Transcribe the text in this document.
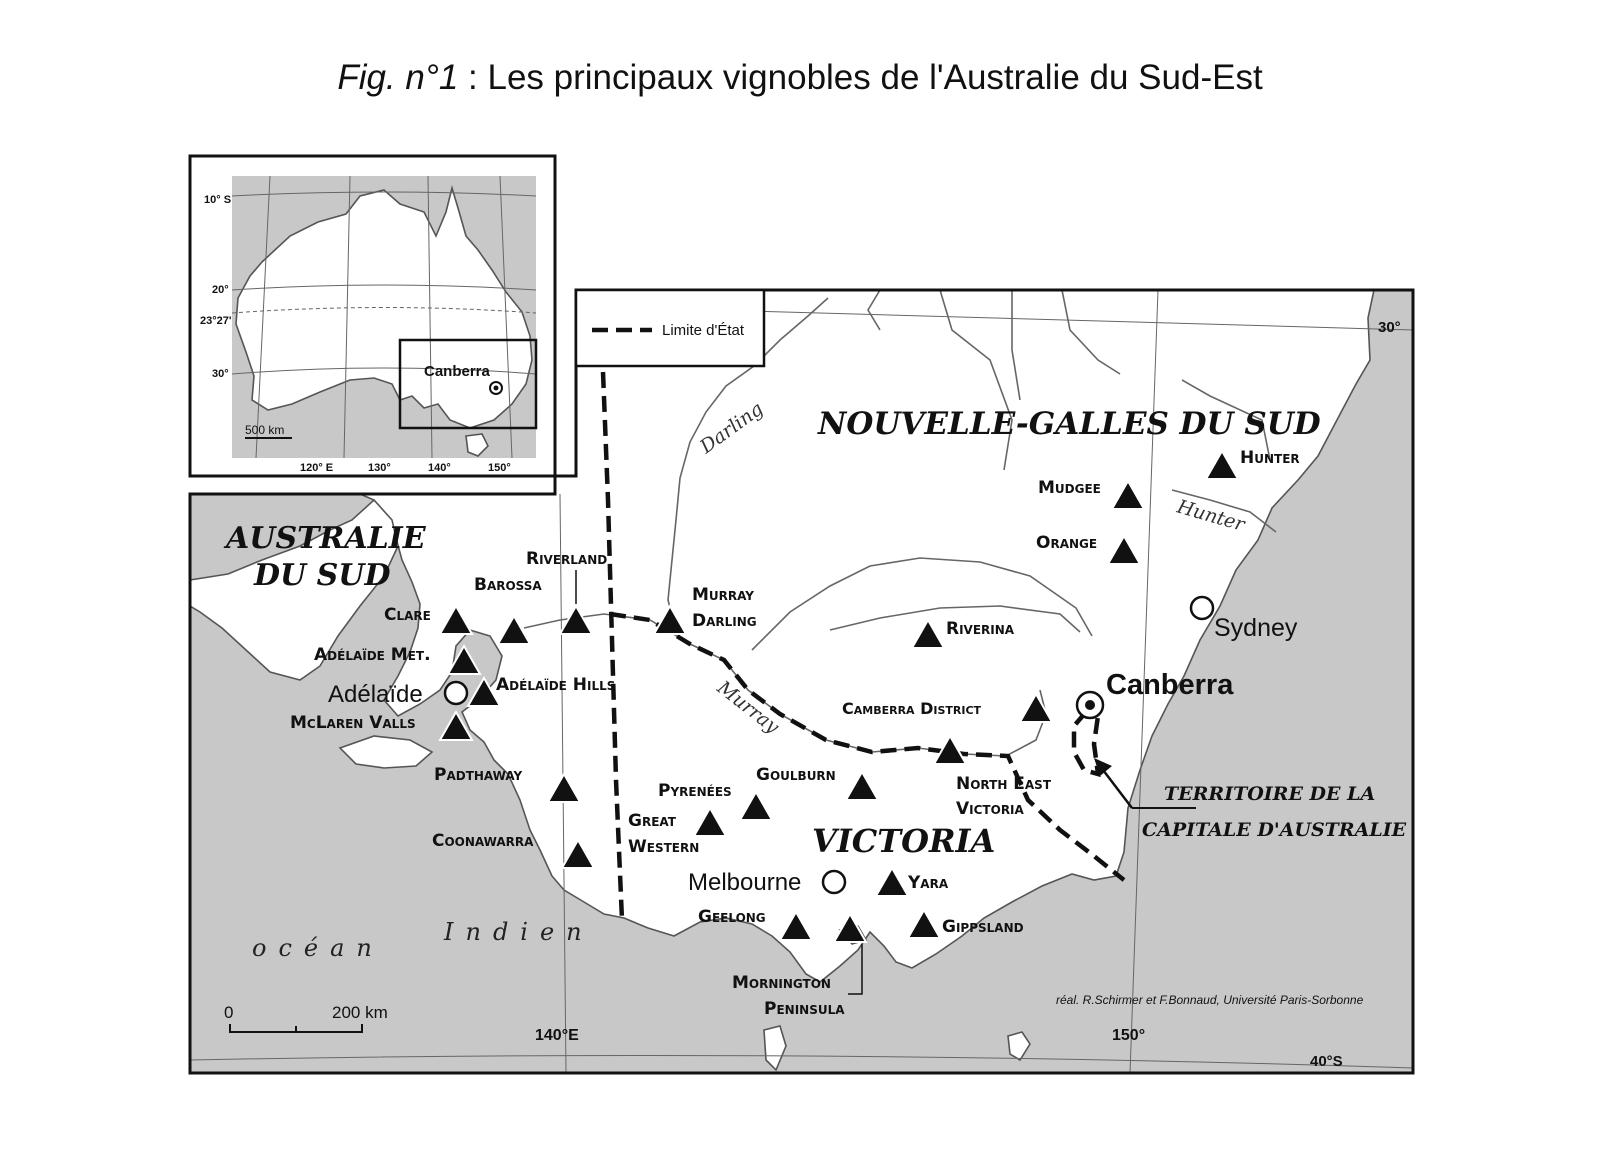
Fig. n°1 : Les principaux vignobles de l'Australie du Sud-Est
Canberra
500 km
10° S
20°
23°27'
30°
120° E	130°	140°	150°
Limite d'État
AUSTRALIE
DU SUD
NOUVELLE-GALLES DU SUD
VICTORIA
TERRITOIRE DE LA
CAPITALE D'AUSTRALIE
Darling
Murray
Hunter
Canberra
Sydney
Adélaïde
Melbourne
Hunter
Mudgee
Orange
Riverina
Camberra District
North East
Victoria
Goulburn
Murray
Darling
Riverland
Barossa
Clare
Adélaïde Met.
Adélaïde Hills
McLaren Valls
Padthaway
Coonawarra
Pyrenées
Great
Western
Yara
Geelong	Gippsland
Mornington
Peninsula
océan
Indien
30°
40°S
140°E	150°
0	200 km
réal. R.Schirmer et F.Bonnaud, Université Paris-Sorbonne
